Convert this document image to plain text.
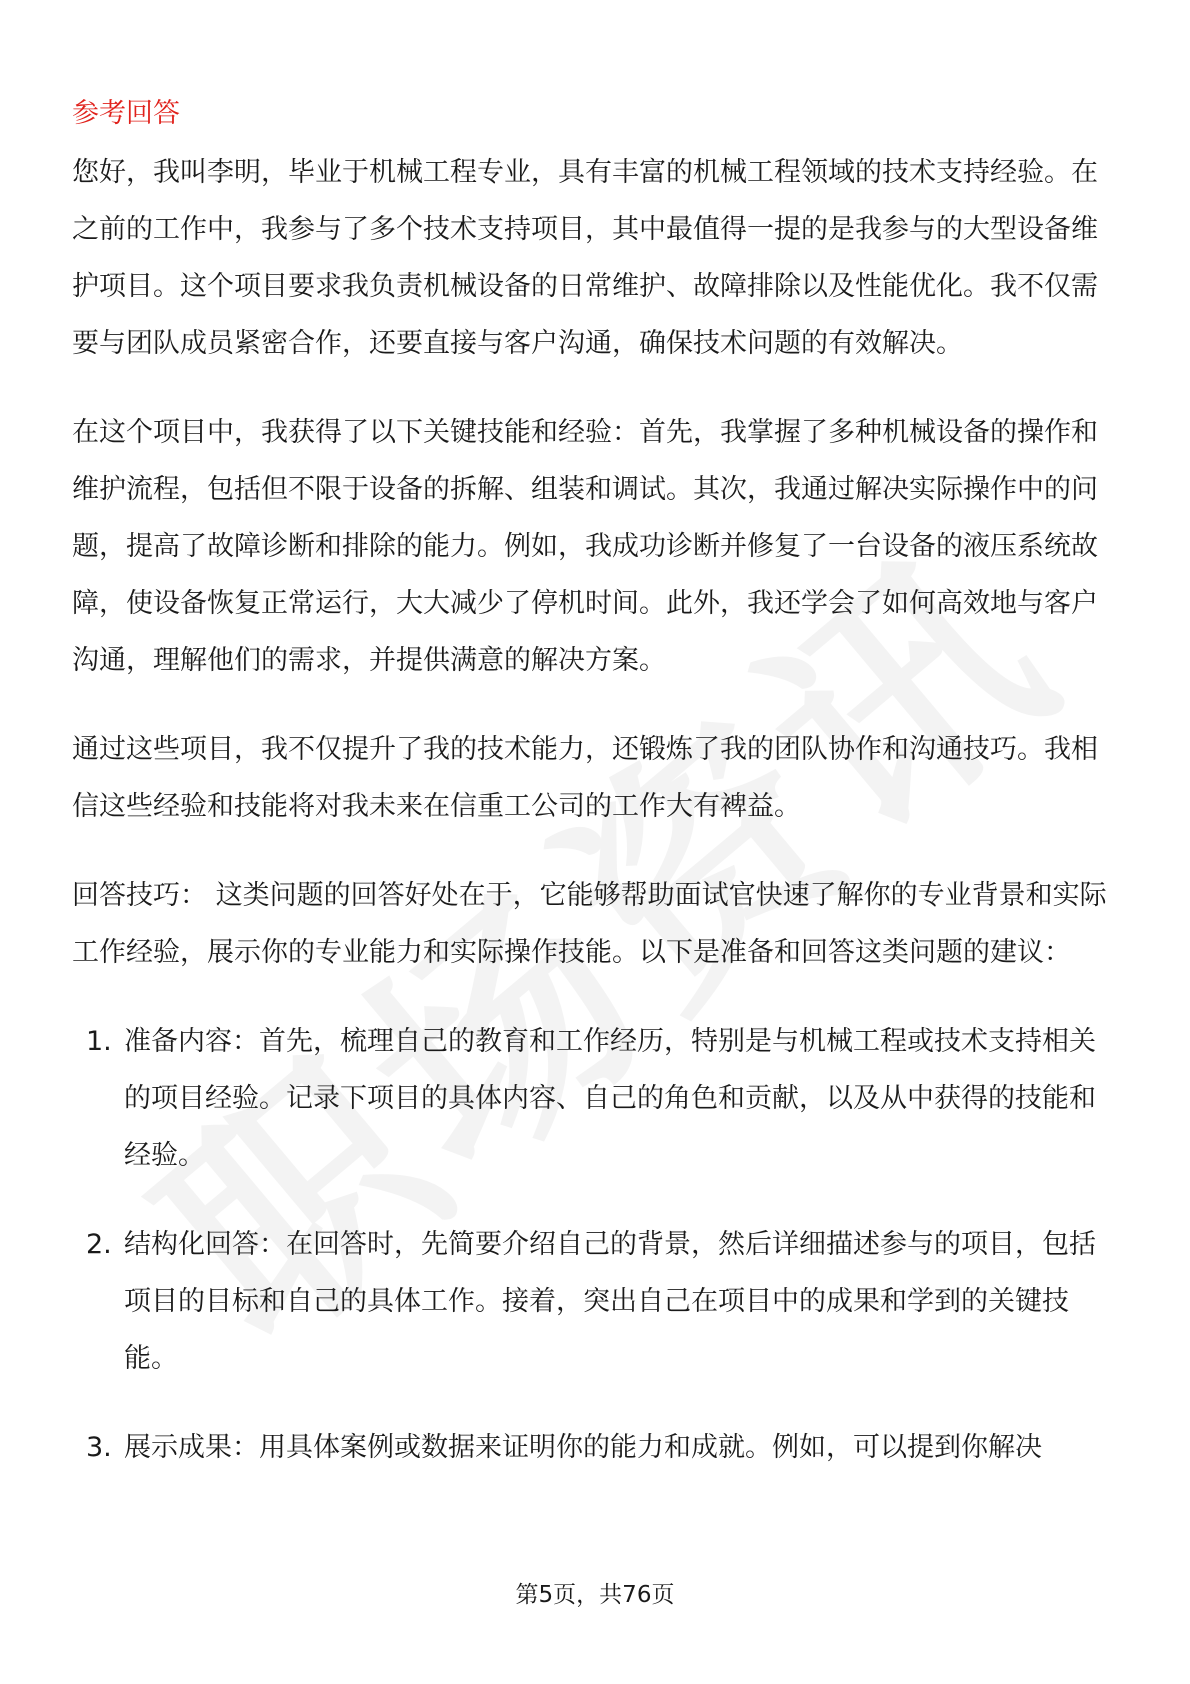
参考回答

您好，我叫李明，毕业于机械工程专业，具有丰富的机械工程领域的技术支持经验。在之前的工作中，我参与了多个技术支持项目，其中最值得一提的是我参与的大型设备维护项目。这个项目要求我负责机械设备的日常维护、故障排除以及性能优化。我不仅需要与团队成员紧密合作，还要直接与客户沟通，确保技术问题的有效解决。

在这个项目中，我获得了以下关键技能和经验：首先，我掌握了多种机械设备的操作和维护流程，包括但不限于设备的拆解、组装和调试。其次，我通过解决实际操作中的问题，提高了故障诊断和排除的能力。例如，我成功诊断并修复了一台设备的液压系统故障，使设备恢复正常运行，大大减少了停机时间。此外，我还学会了如何高效地与客户沟通，理解他们的需求，并提供满意的解决方案。

通过这些项目，我不仅提升了我的技术能力，还锻炼了我的团队协作和沟通技巧。我相信这些经验和技能将对我未来在信重工公司的工作大有裨益。

回答技巧： 这类问题的回答好处在于，它能够帮助面试官快速了解你的专业背景和实际工作经验，展示你的专业能力和实际操作技能。以下是准备和回答这类问题的建议：

1. 准备内容：首先，梳理自己的教育和工作经历，特别是与机械工程或技术支持相关的项目经验。记录下项目的具体内容、自己的角色和贡献，以及从中获得的技能和经验。
2. 结构化回答：在回答时，先简要介绍自己的背景，然后详细描述参与的项目，包括项目的目标和自己的具体工作。接着，突出自己在项目中的成果和学到的关键技能。
3. 展示成果：用具体案例或数据来证明你的能力和成就。例如，可以提到你解决
第5页，共76页
